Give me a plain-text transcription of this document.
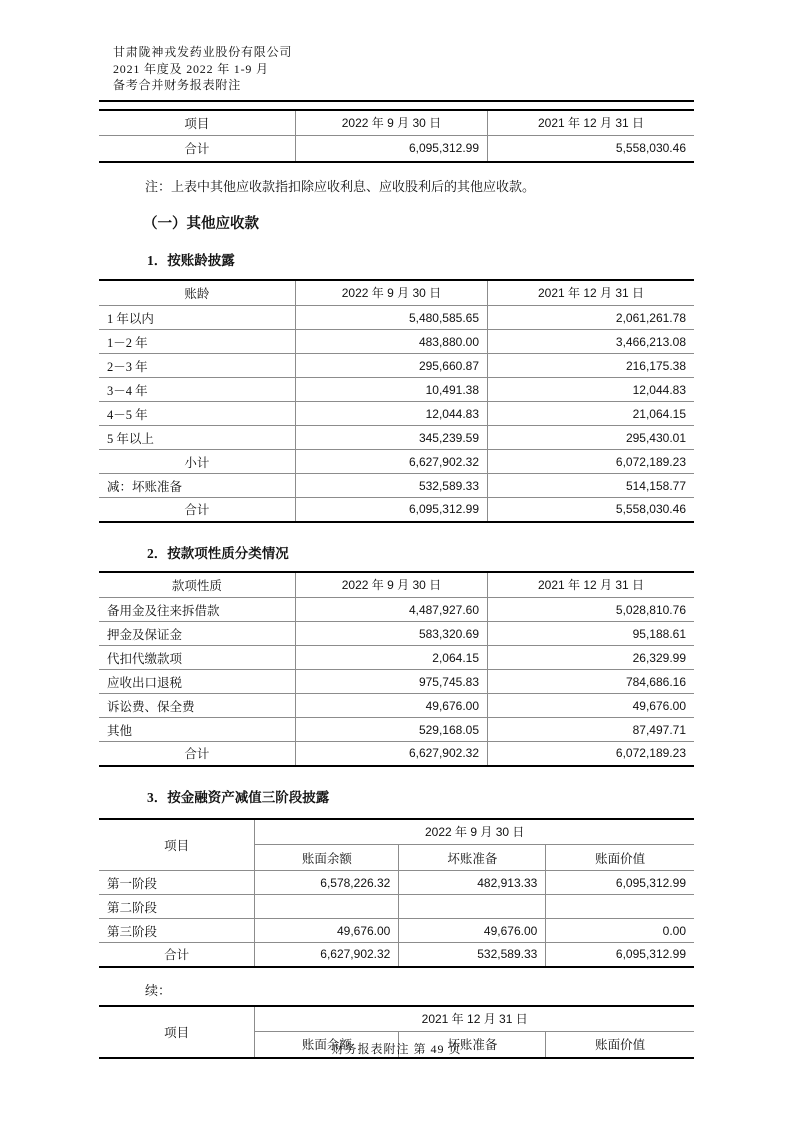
甘肃陇神戎发药业股份有限公司
2021 年度及 2022 年 1-9 月
备考合并财务报表附注
项目	2022 年 9 月 30 日	2021 年 12 月 31 日
合计	6,095,312.99	5,558,030.46

注：上表中其他应收款指扣除应收利息、应收股利后的其他应收款。

（一）其他应收款
1．按账龄披露
账龄	2022 年 9 月 30 日	2021 年 12 月 31 日
1 年以内	5,480,585.65	2,061,261.78
1－2 年	483,880.00	3,466,213.08
2－3 年	295,660.87	216,175.38
3－4 年	10,491.38	12,044.83
4－5 年	12,044.83	21,064.15
5 年以上	345,239.59	295,430.01
小计	6,627,902.32	6,072,189.23
减：坏账准备	532,589.33	514,158.77
合计	6,095,312.99	5,558,030.46
2．按款项性质分类情况
款项性质	2022 年 9 月 30 日	2021 年 12 月 31 日
备用金及往来拆借款	4,487,927.60	5,028,810.76
押金及保证金	583,320.69	95,188.61
代扣代缴款项	2,064.15	26,329.99
应收出口退税	975,745.83	784,686.16
诉讼费、保全费	49,676.00	49,676.00
其他	529,168.05	87,497.71
合计	6,627,902.32	6,072,189.23
3．按金融资产减值三阶段披露
项目	2022 年 9 月 30 日		
	账面余额	坏账准备	账面价值
第一阶段	6,578,226.32	482,913.33	6,095,312.99
第二阶段			
第三阶段	49,676.00	49,676.00	0.00
合计	6,627,902.32	532,589.33	6,095,312.99

续：

项目	2021 年 12 月 31 日		
	账面余额	坏账准备	账面价值
财务报表附注 第 49 页
